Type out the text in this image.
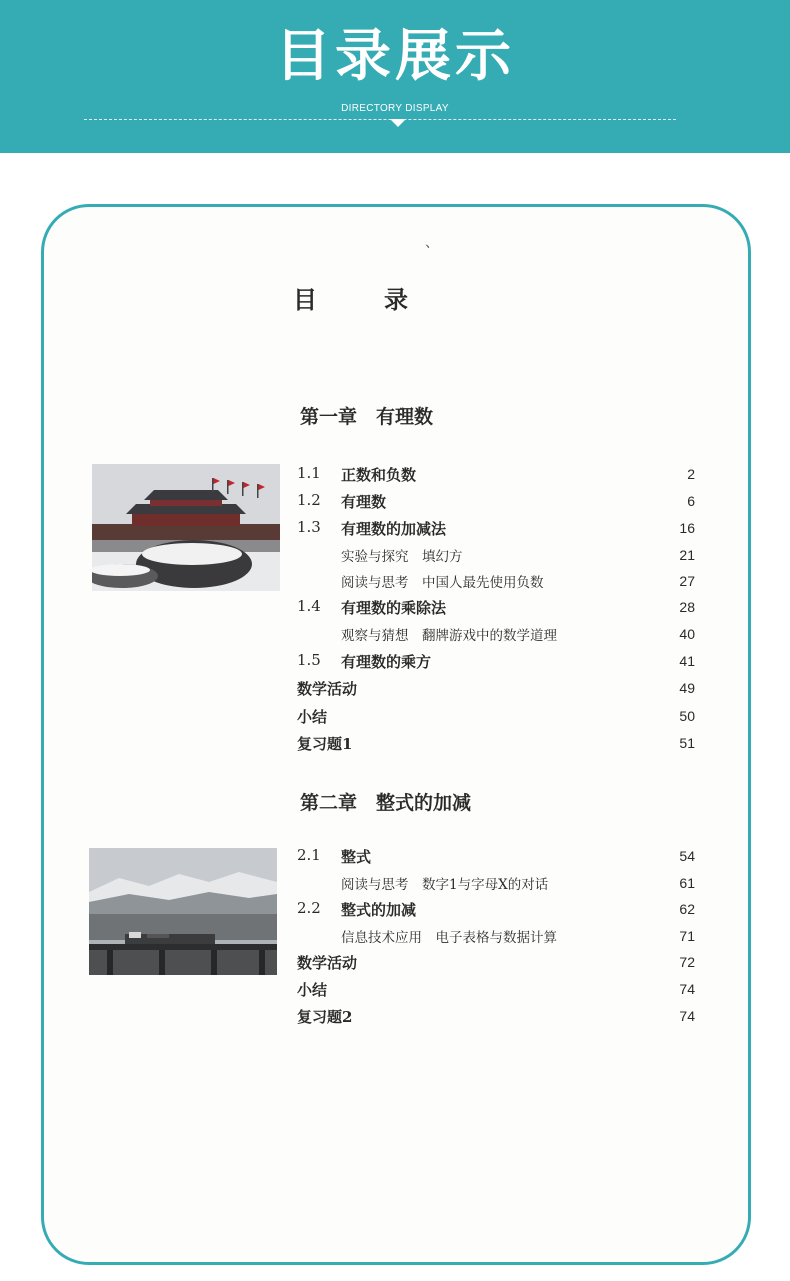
目录展示
DIRECTORY DISPLAY
、
目	录
第一章　有理数
1.1 正数和负数	2
1.2 有理数	6
1.3 有理数的加减法	16
实验与探究　填幻方	21
阅读与思考　中国人最先使用负数	27
1.4 有理数的乘除法	28
观察与猜想　翻牌游戏中的数学道理	40
1.5 有理数的乘方	41
数学活动	49
小结	50
复习题1	51
第二章　整式的加减
2.1 整式	54
阅读与思考　数字1与字母X的对话	61
2.2 整式的加减	62
信息技术应用　电子表格与数据计算	71
数学活动	72
小结	74
复习题2	74
